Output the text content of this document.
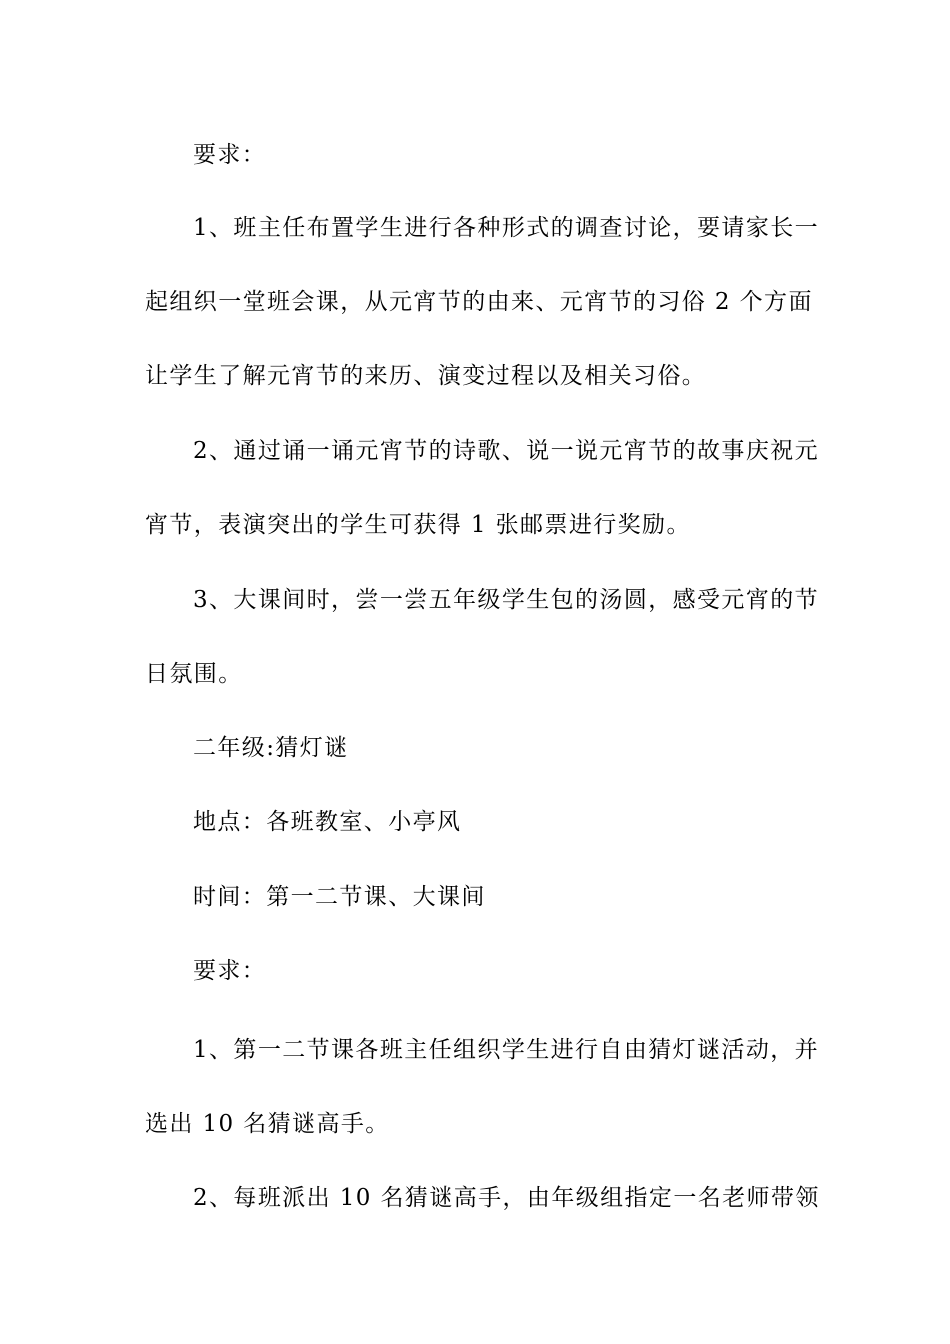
要求：
1、班主任布置学生进行各种形式的调查讨论，要请家长一
起组织一堂班会课，从元宵节的由来、元宵节的习俗 2 个方面
让学生了解元宵节的来历、演变过程以及相关习俗。
2、通过诵一诵元宵节的诗歌、说一说元宵节的故事庆祝元
宵节，表演突出的学生可获得 1 张邮票进行奖励。
3、大课间时，尝一尝五年级学生包的汤圆，感受元宵的节
日氛围。
二年级:猜灯谜
地点：各班教室、小亭风
时间：第一二节课、大课间
要求：
1、第一二节课各班主任组织学生进行自由猜灯谜活动，并
选出 10 名猜谜高手。
2、每班派出 10 名猜谜高手，由年级组指定一名老师带领
